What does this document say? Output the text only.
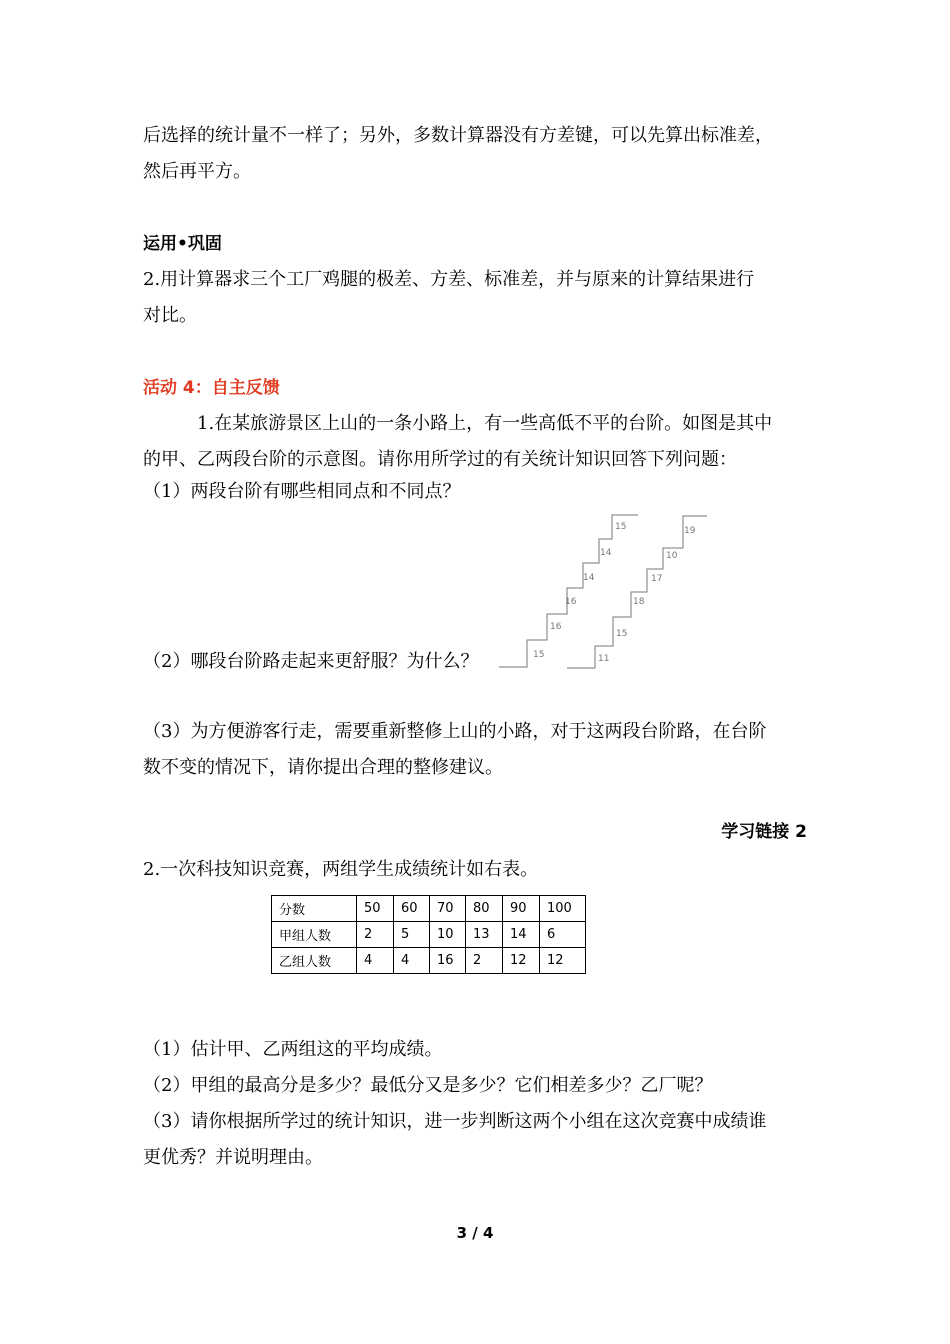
后选择的统计量不一样了；另外，多数计算器没有方差键，可以先算出标准差，

然后再平方。

运用•巩固

2.用计算器求三个工厂鸡腿的极差、方差、标准差，并与原来的计算结果进行

对比。

活动 4：自主反馈

1.在某旅游景区上山的一条小路上，有一些高低不平的台阶。如图是其中

的甲、乙两段台阶的示意图。请你用所学过的有关统计知识回答下列问题：

（1）两段台阶有哪些相同点和不同点？

（2）哪段台阶路走起来更舒服？为什么？	15
16
16
14
14
15
11
15
18
17
10
19

（3）为方便游客行走，需要重新整修上山的小路，对于这两段台阶路，在台阶

数不变的情况下，请你提出合理的整修建议。

学习链接 2

2.一次科技知识竞赛，两组学生成绩统计如右表。

分数	50	60	70	80	90	100
甲组人数	2	5	10	13	14	6
乙组人数	4	4	16	2	12	12

（1）估计甲、乙两组这的平均成绩。

（2）甲组的最高分是多少？最低分又是多少？它们相差多少？乙厂呢？

（3）请你根据所学过的统计知识，进一步判断这两个小组在这次竞赛中成绩谁

更优秀？并说明理由。

3 / 4
